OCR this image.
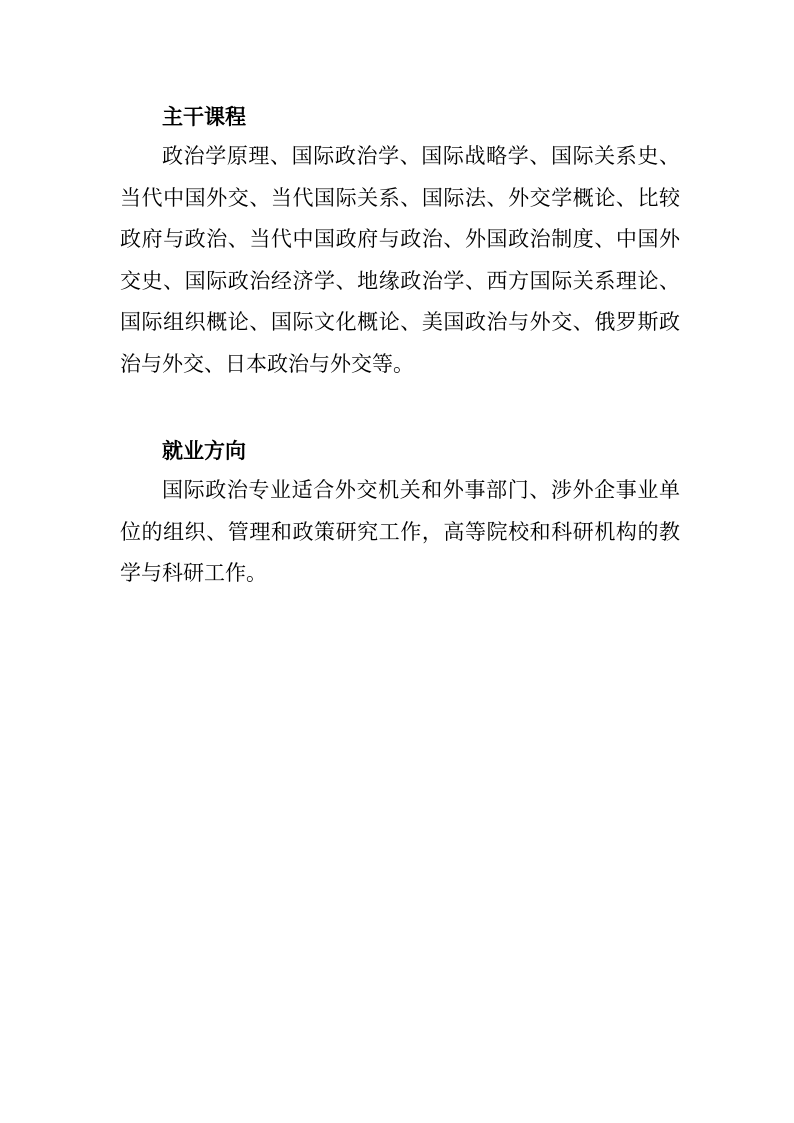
主干课程

政治学原理、国际政治学、国际战略学、国际关系史、当代中国外交、当代国际关系、国际法、外交学概论、比较政府与政治、当代中国政府与政治、外国政治制度、中国外交史、国际政治经济学、地缘政治学、西方国际关系理论、国际组织概论、国际文化概论、美国政治与外交、俄罗斯政治与外交、日本政治与外交等。

就业方向

国际政治专业适合外交机关和外事部门、涉外企事业单位的组织、管理和政策研究工作，高等院校和科研机构的教学与科研工作。
